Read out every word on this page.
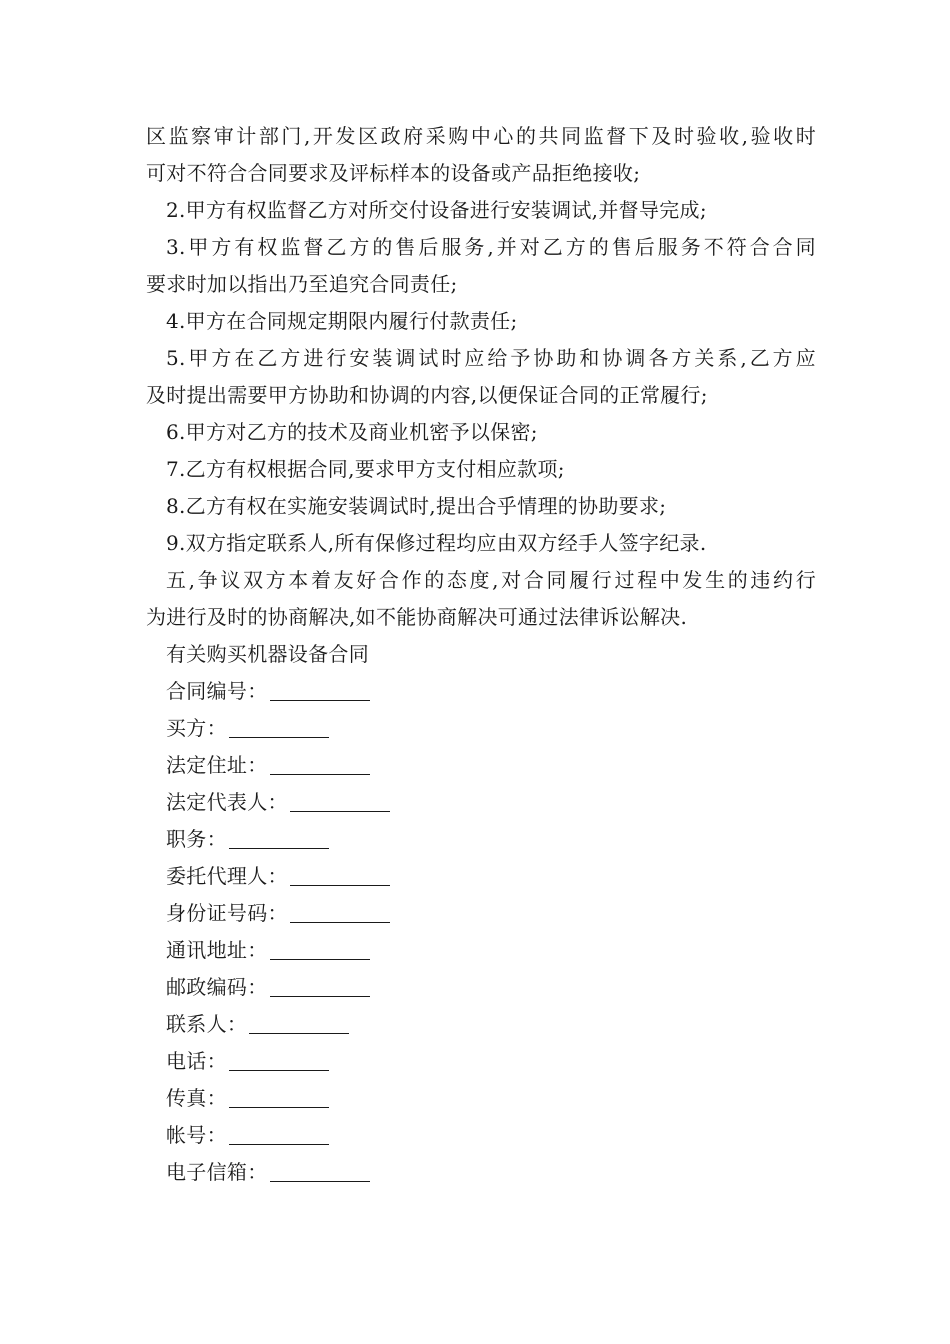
区监察审计部门,开发区政府采购中心的共同监督下及时验收,验收时
可对不符合合同要求及评标样本的设备或产品拒绝接收;
2.甲方有权监督乙方对所交付设备进行安装调试,并督导完成;
3.甲方有权监督乙方的售后服务,并对乙方的售后服务不符合合同
要求时加以指出乃至追究合同责任;
4.甲方在合同规定期限内履行付款责任;
5.甲方在乙方进行安装调试时应给予协助和协调各方关系,乙方应
及时提出需要甲方协助和协调的内容,以便保证合同的正常履行;
6.甲方对乙方的技术及商业机密予以保密;
7.乙方有权根据合同,要求甲方支付相应款项;
8.乙方有权在实施安装调试时,提出合乎情理的协助要求;
9.双方指定联系人,所有保修过程均应由双方经手人签字纪录.
五,争议双方本着友好合作的态度,对合同履行过程中发生的违约行
为进行及时的协商解决,如不能协商解决可通过法律诉讼解决.
有关购买机器设备合同
合同编号：
买方：
法定住址：
法定代表人：
职务：
委托代理人：
身份证号码：
通讯地址：
邮政编码：
联系人：
电话：
传真：
帐号：
电子信箱：
